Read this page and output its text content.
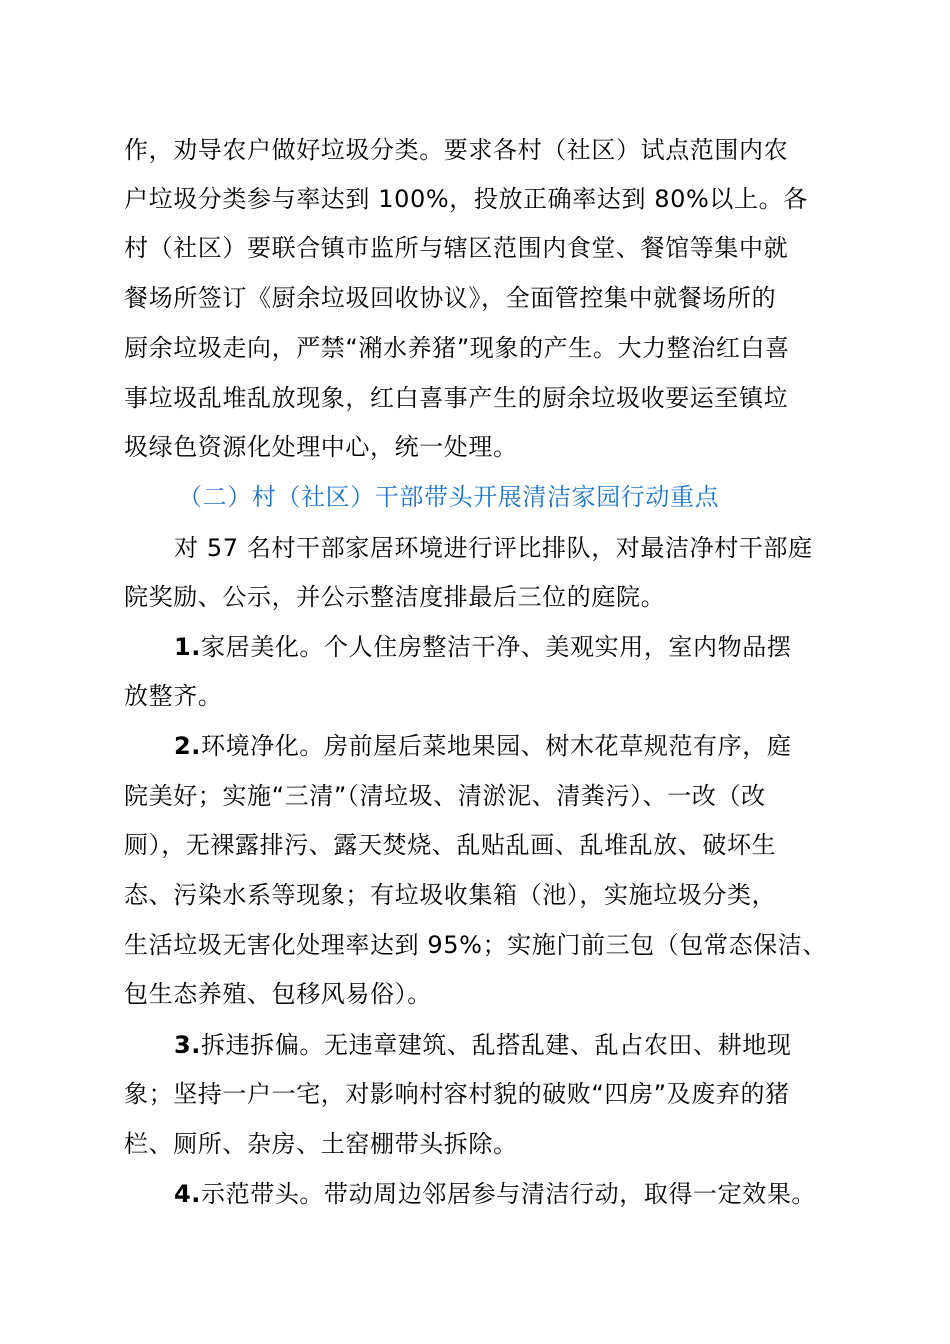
作，劝导农户做好垃圾分类。要求各村（社区）试点范围内农
户垃圾分类参与率达到 100%，投放正确率达到 80%以上。各
村（社区）要联合镇市监所与辖区范围内食堂、餐馆等集中就
餐场所签订《厨余垃圾回收协议》，全面管控集中就餐场所的
厨余垃圾走向，严禁“潲水养猪”现象的产生。大力整治红白喜
事垃圾乱堆乱放现象，红白喜事产生的厨余垃圾收要运至镇垃
圾绿色资源化处理中心，统一处理。
（二）村（社区）干部带头开展清洁家园行动重点
对 57 名村干部家居环境进行评比排队，对最洁净村干部庭
院奖励、公示，并公示整洁度排最后三位的庭院。
1.家居美化。个人住房整洁干净、美观实用，室内物品摆
放整齐。
2.环境净化。房前屋后菜地果园、树木花草规范有序，庭
院美好；实施“三清”（清垃圾、清淤泥、清粪污）、一改（改
厕），无裸露排污、露天焚烧、乱贴乱画、乱堆乱放、破坏生
态、污染水系等现象；有垃圾收集箱（池），实施垃圾分类，
生活垃圾无害化处理率达到 95%；实施门前三包（包常态保洁、
包生态养殖、包移风易俗）。
3.拆违拆偏。无违章建筑、乱搭乱建、乱占农田、耕地现
象；坚持一户一宅，对影响村容村貌的破败“四房”及废弃的猪
栏、厕所、杂房、土窑棚带头拆除。
4.示范带头。带动周边邻居参与清洁行动，取得一定效果。
